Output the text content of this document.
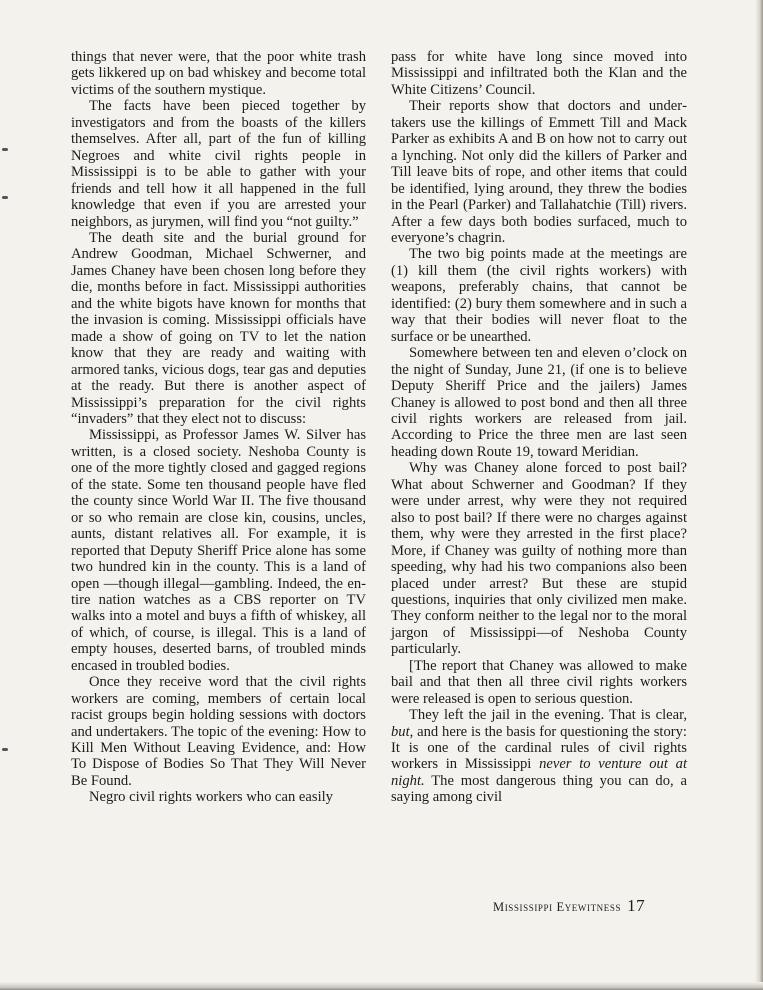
things that never were, that the poor white trash gets likkered up on bad whiskey and become total victims of the southern mystique.

The facts have been pieced together by investigators and from the boasts of the killers themselves. After all, part of the fun of killing Negroes and white civil rights people in Mississippi is to be able to gather with your friends and tell how it all happened in the full knowledge that even if you are arrested your neighbors, as jurymen, will find you “not guilty.”

The death site and the burial ground for Andrew Goodman, Michael Schwerner, and James Chaney have been chosen long before they die, months before in fact. Mississippi authorities and the white bigots have known for months that the invasion is coming. Mississippi officials have made a show of going on TV to let the nation know that they are ready and waiting with armored tanks, vicious dogs, tear gas and deputies at the ready. But there is another aspect of Mississippi’s preparation for the civil rights “invaders” that they elect not to discuss:

Mississippi, as Professor James W. Silver has written, is a closed society. Neshoba County is one of the more tightly closed and gagged regions of the state. Some ten thousand people have fled the county since World War II. The five thousand or so who remain are close kin, cousins, uncles, aunts, distant relatives all. For example, it is reported that Deputy Sheriff Price alone has some two hundred kin in the county. This is a land of open —though illegal—gambling. Indeed, the entire nation watches as a CBS reporter on TV walks into a motel and buys a fifth of whiskey, all of which, of course, is illegal. This is a land of empty houses, deserted barns, of troubled minds encased in troubled bodies.

Once they receive word that the civil rights workers are coming, members of certain local racist groups begin holding sessions with doctors and undertakers. The topic of the evening: How to Kill Men Without Leaving Evidence, and: How To Dispose of Bodies So That They Will Never Be Found.

Negro civil rights workers who can easily

pass for white have long since moved into Mississippi and infiltrated both the Klan and the White Citizens’ Council.

Their reports show that doctors and undertakers use the killings of Emmett Till and Mack Parker as exhibits A and B on how not to carry out a lynching. Not only did the killers of Parker and Till leave bits of rope, and other items that could be identified, lying around, they threw the bodies in the Pearl (Parker) and Tallahatchie (Till) rivers. After a few days both bodies surfaced, much to everyone’s chagrin.

The two big points made at the meetings are (1) kill them (the civil rights workers) with weapons, preferably chains, that cannot be identified: (2) bury them somewhere and in such a way that their bodies will never float to the surface or be unearthed.

Somewhere between ten and eleven o’clock on the night of Sunday, June 21, (if one is to believe Deputy Sheriff Price and the jailers) James Chaney is allowed to post bond and then all three civil rights workers are released from jail. According to Price the three men are last seen heading down Route 19, toward Meridian.

Why was Chaney alone forced to post bail? What about Schwerner and Goodman? If they were under arrest, why were they not required also to post bail? If there were no charges against them, why were they arrested in the first place? More, if Chaney was guilty of nothing more than speeding, why had his two companions also been placed under arrest? But these are stupid questions, inquiries that only civilized men make. They conform neither to the legal nor to the moral jargon of Mississippi—of Neshoba County particularly.

[The report that Chaney was allowed to make bail and that then all three civil rights workers were released is open to serious question.

They left the jail in the evening. That is clear, but, and here is the basis for questioning the story: It is one of the cardinal rules of civil rights workers in Mississippi never to venture out at night. The most dangerous thing you can do, a saying among civil

Mississippi Eyewitness 17
